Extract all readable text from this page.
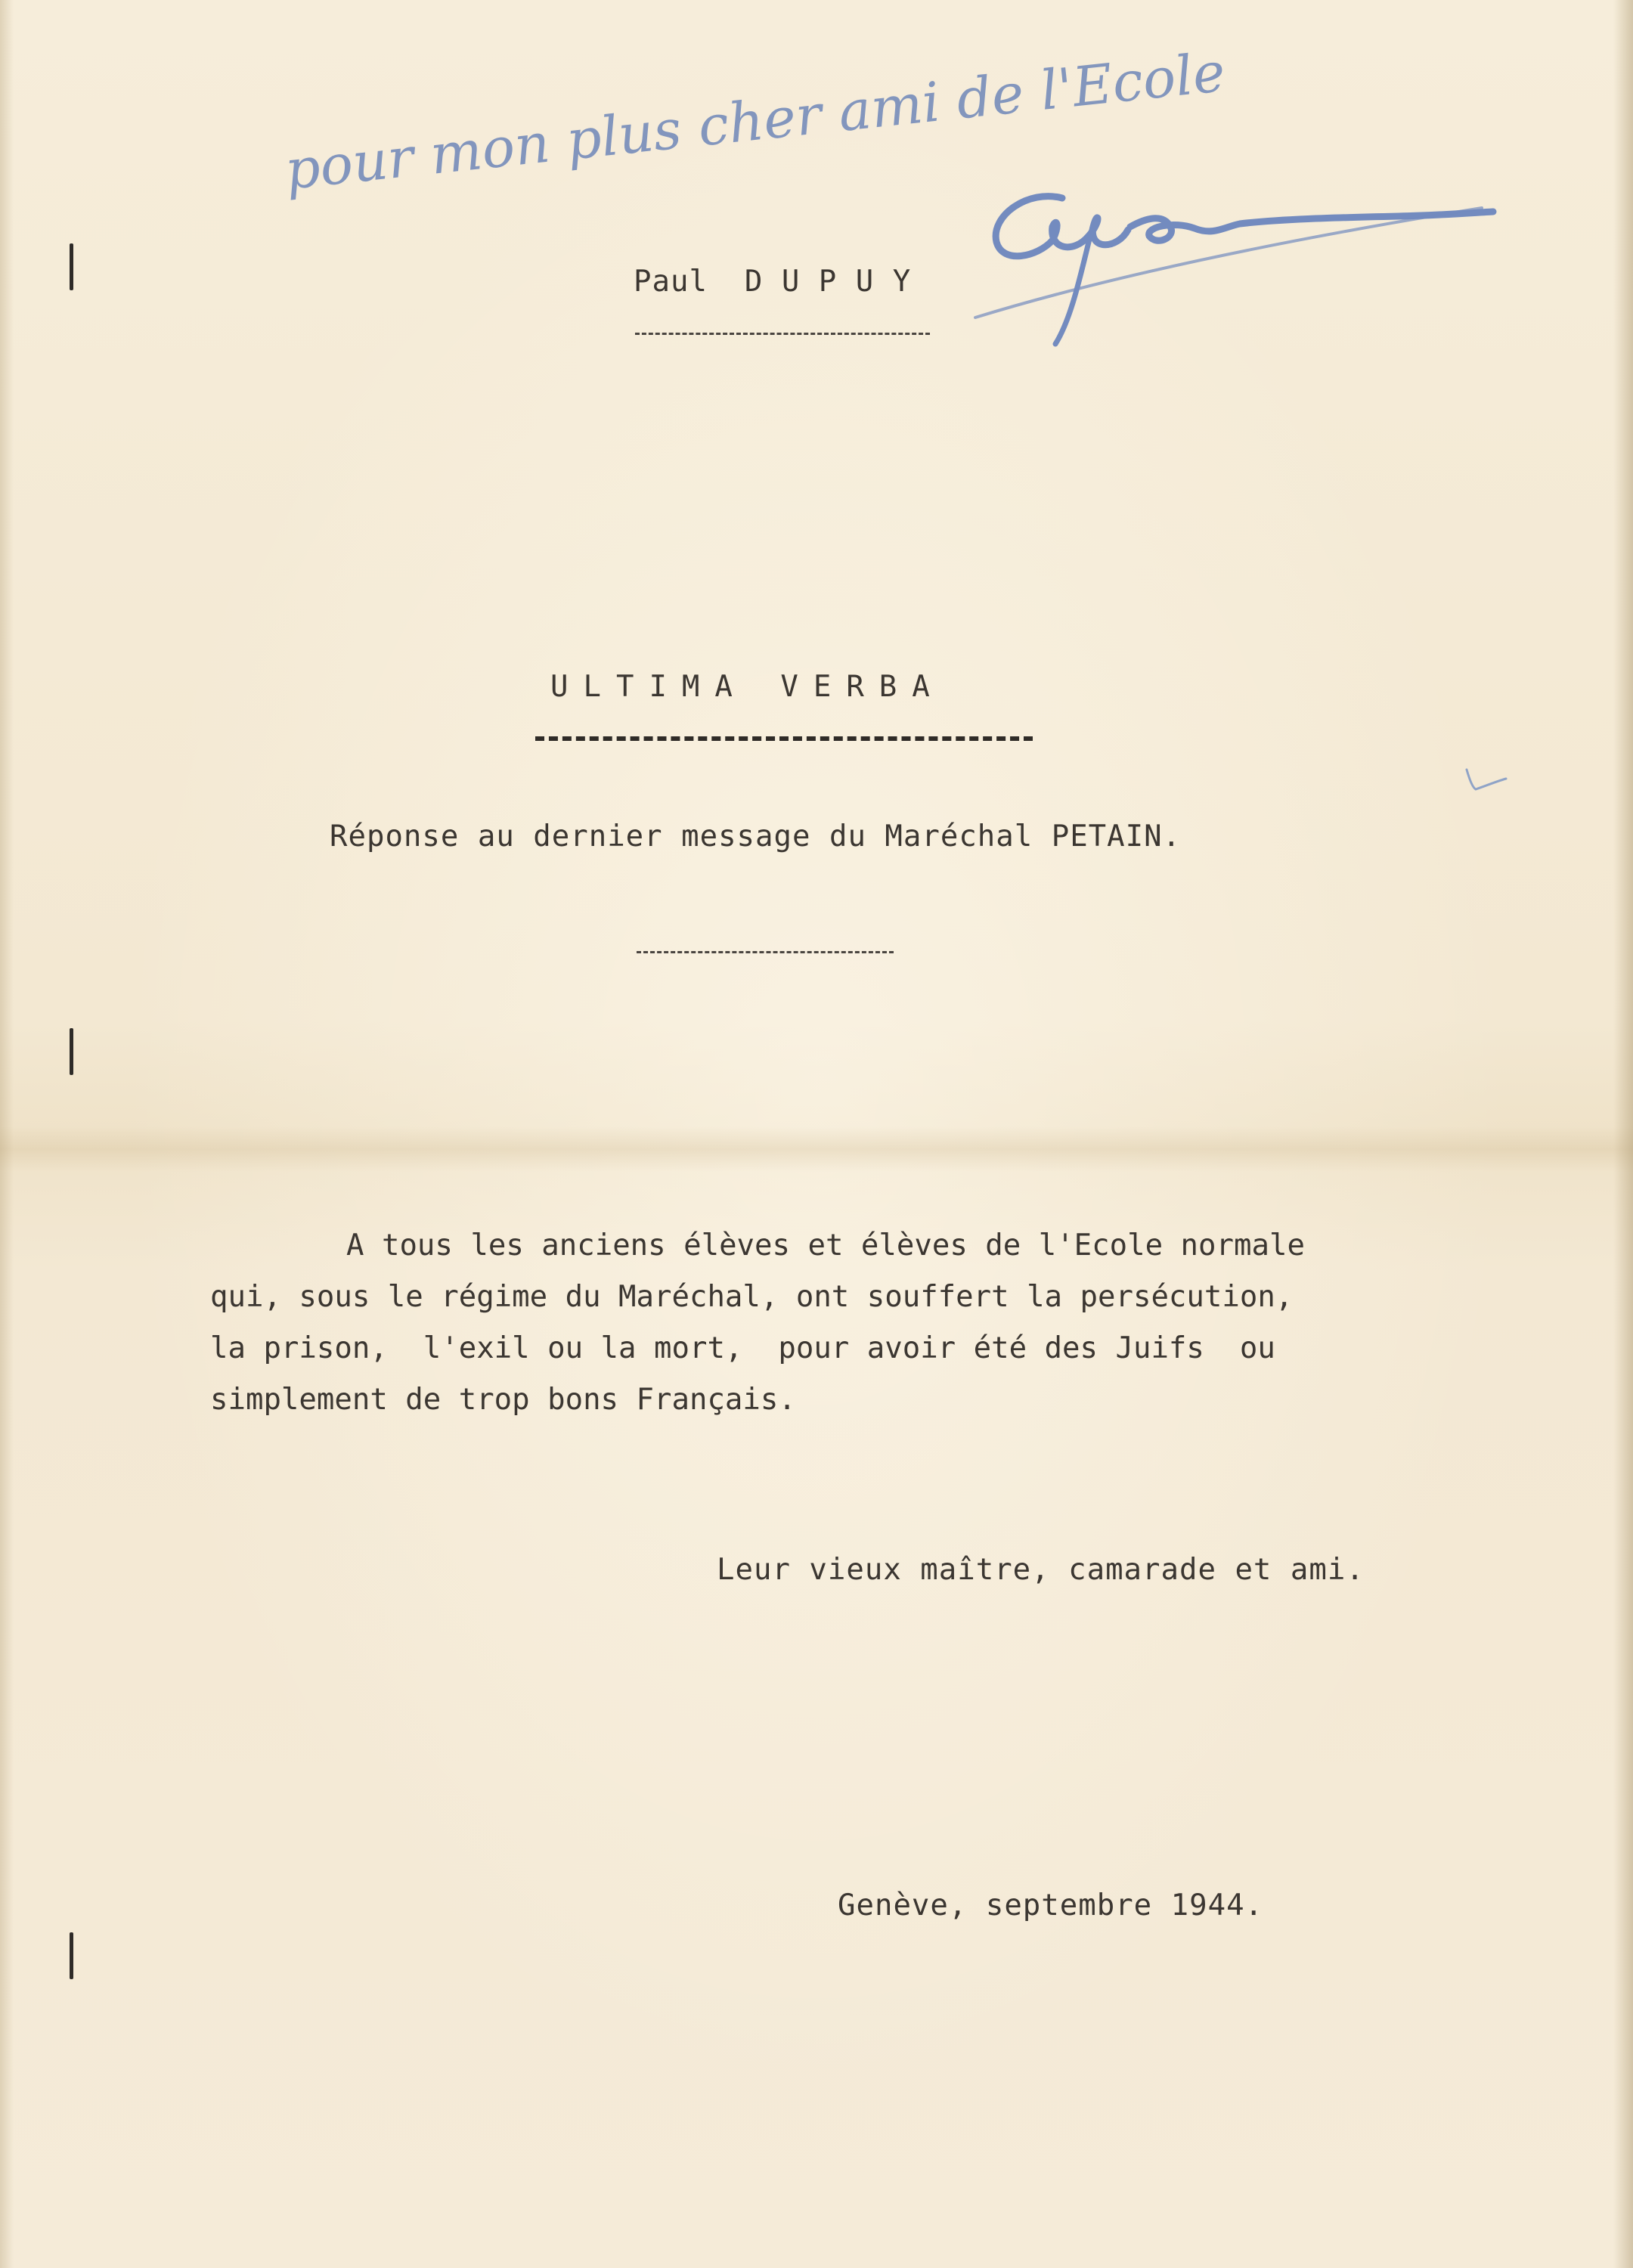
pour mon plus cher ami de l'Ecole

Paul  D U P U Y

ULTIMA VERBA

Réponse au dernier message du Maréchal PETAIN.

A tous les anciens élèves et élèves de l'Ecole normale
qui, sous le régime du Maréchal, ont souffert la persécution,
la prison,  l'exil ou la mort,  pour avoir été des Juifs  ou
simplement de trop bons Français.

Leur vieux maître, camarade et ami.

Genève, septembre 1944.
